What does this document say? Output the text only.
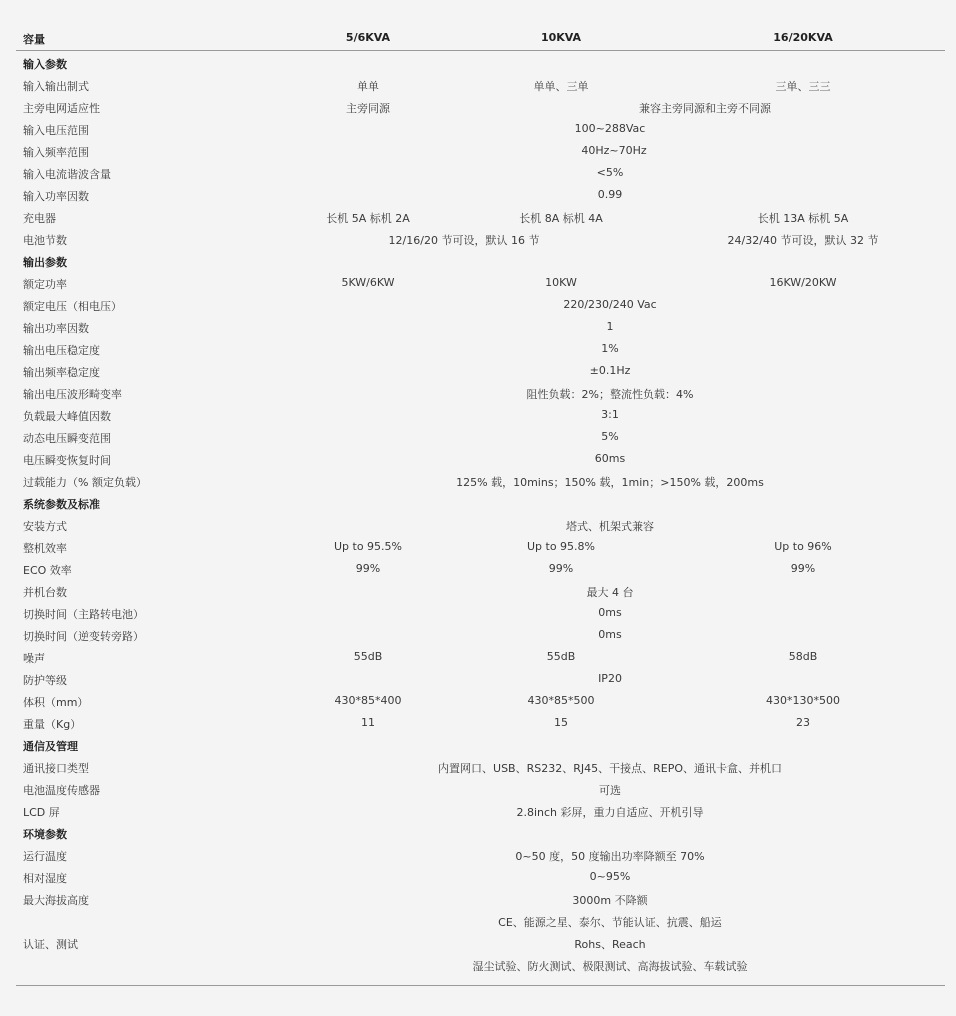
容量	5/6KVA	10KVA	16/20KVA
输入参数
输入输出制式	单单	单单、三单	三单、三三
主旁电网适应性	主旁同源	兼容主旁同源和主旁不同源
输入电压范围	100~288Vac
输入频率范围	40Hz~70Hz
输入电流谐波含量	<5%
输入功率因数	0.99
充电器	长机 5A 标机 2A	长机 8A 标机 4A	长机 13A 标机 5A
电池节数	12/16/20 节可设，默认 16 节	24/32/40 节可设，默认 32 节
输出参数
额定功率	5KW/6KW	10KW	16KW/20KW
额定电压（相电压）	220/230/240 Vac
输出功率因数	1
输出电压稳定度	1%
输出频率稳定度	±0.1Hz
输出电压波形畸变率	阻性负载：2%；整流性负载：4%
负载最大峰值因数	3:1
动态电压瞬变范围	5%
电压瞬变恢复时间	60ms
过载能力（% 额定负载）	125% 载，10mins；150% 载，1min；>150% 载，200ms
系统参数及标准
安装方式	塔式、机架式兼容
整机效率	Up to 95.5%	Up to 95.8%	Up to 96%
ECO 效率	99%	99%	99%
并机台数	最大 4 台
切换时间（主路转电池）	0ms
切换时间（逆变转旁路）	0ms
噪声	55dB	55dB	58dB
防护等级	IP20
体积（mm）	430*85*400	430*85*500	430*130*500
重量（Kg）	11	15	23
通信及管理
通讯接口类型	内置网口、USB、RS232、RJ45、干接点、REPO、通讯卡盒、并机口
电池温度传感器	可选
LCD 屏	2.8inch 彩屏，重力自适应、开机引导
环境参数
运行温度	0~50 度，50 度输出功率降额至 70%
相对湿度	0~95%
最大海拔高度	3000m 不降额
CE、能源之星、泰尔、节能认证、抗震、船运
认证、测试	Rohs、Reach
湿尘试验、防火测试、极限测试、高海拔试验、车载试验
